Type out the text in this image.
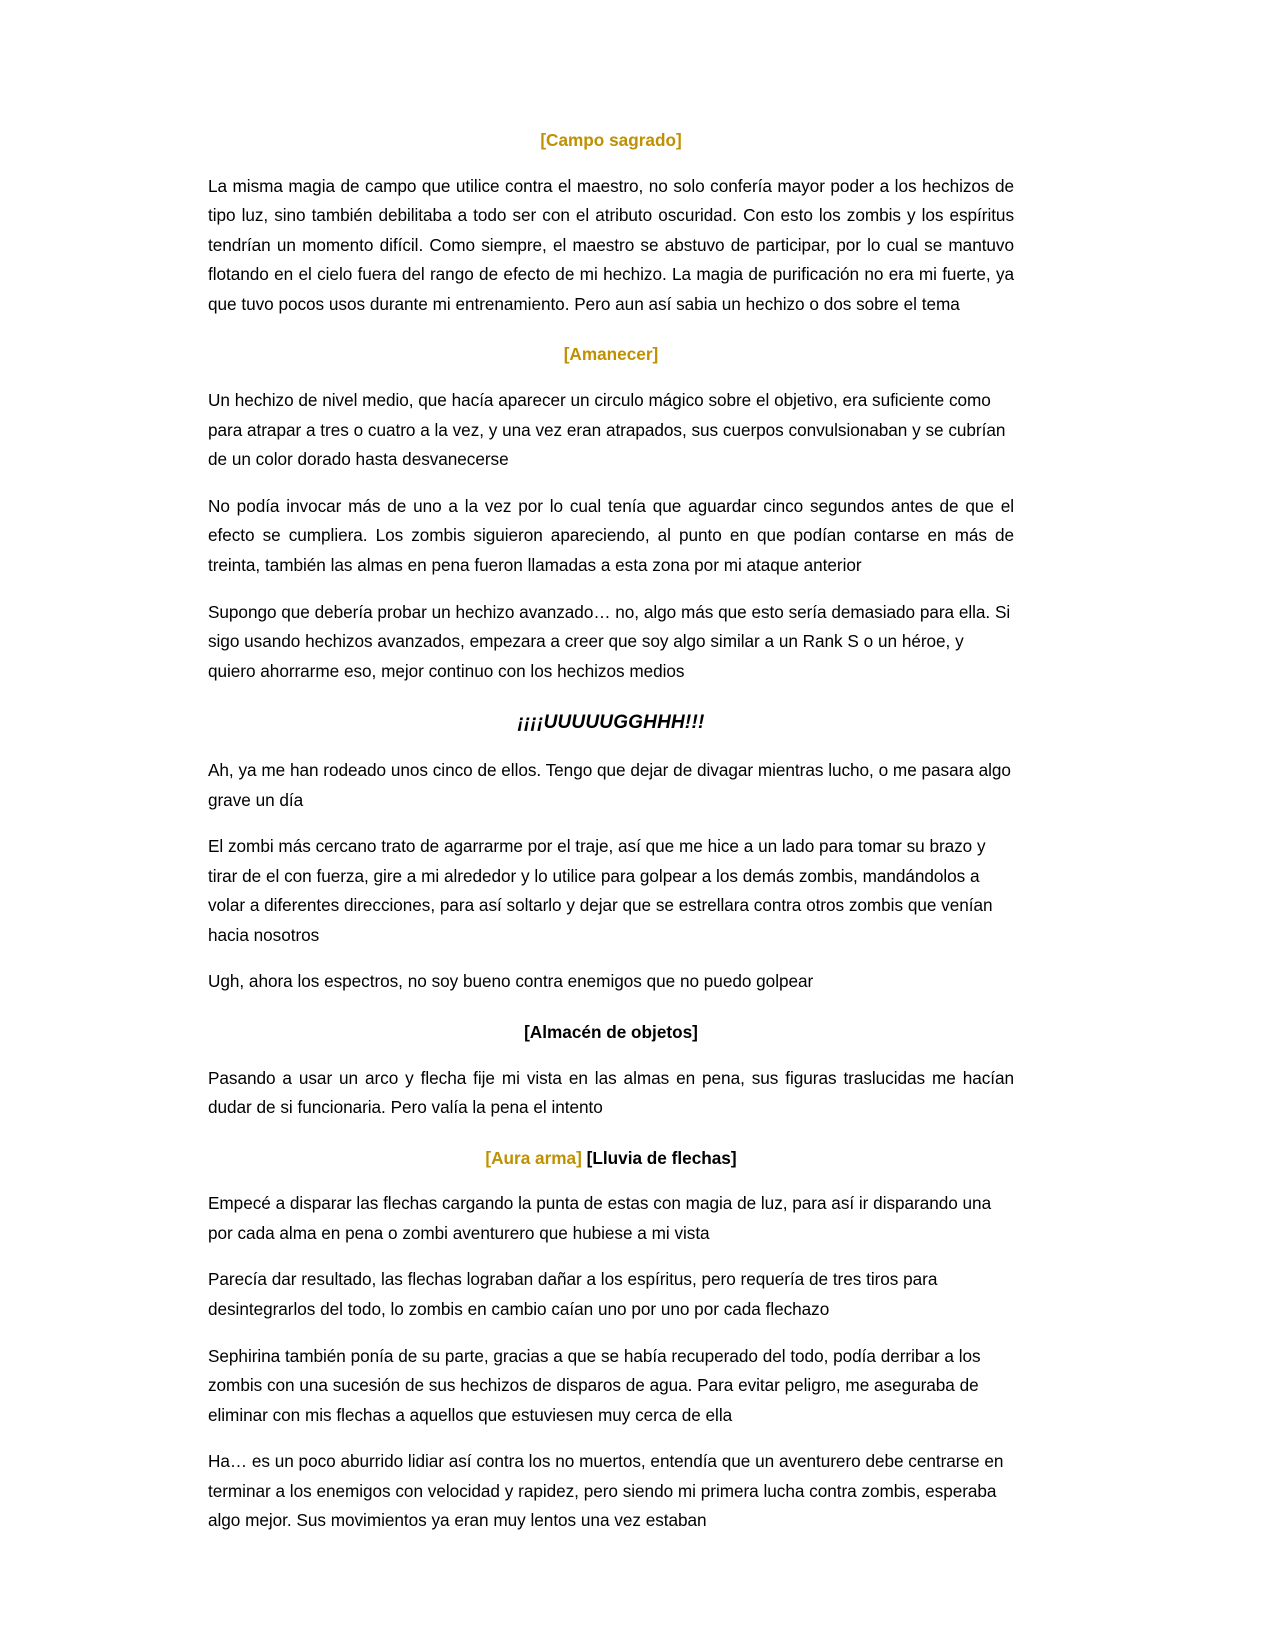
[Campo sagrado]

La misma magia de campo que utilice contra el maestro, no solo confería mayor poder a los hechizos de tipo luz, sino también debilitaba a todo ser con el atributo oscuridad. Con esto los zombis y los espíritus tendrían un momento difícil. Como siempre, el maestro se abstuvo de participar, por lo cual se mantuvo flotando en el cielo fuera del rango de efecto de mi hechizo. La magia de purificación no era mi fuerte, ya que tuvo pocos usos durante mi entrenamiento. Pero aun así sabia un hechizo o dos sobre el tema

[Amanecer]

Un hechizo de nivel medio, que hacía aparecer un circulo mágico sobre el objetivo, era suficiente como para atrapar a tres o cuatro a la vez, y una vez eran atrapados, sus cuerpos convulsionaban y se cubrían de un color dorado hasta desvanecerse

No podía invocar más de uno a la vez por lo cual tenía que aguardar cinco segundos antes de que el efecto se cumpliera. Los zombis siguieron apareciendo, al punto en que podían contarse en más de treinta, también las almas en pena fueron llamadas a esta zona por mi ataque anterior

Supongo que debería probar un hechizo avanzado… no, algo más que esto sería demasiado para ella. Si sigo usando hechizos avanzados, empezara a creer que soy algo similar a un Rank S o un héroe, y quiero ahorrarme eso, mejor continuo con los hechizos medios

¡¡¡¡UUUUUGGHHH!!!

Ah, ya me han rodeado unos cinco de ellos. Tengo que dejar de divagar mientras lucho, o me pasara algo grave un día

El zombi más cercano trato de agarrarme por el traje, así que me hice a un lado para tomar su brazo y tirar de el con fuerza, gire a mi alrededor y lo utilice para golpear a los demás zombis, mandándolos a volar a diferentes direcciones, para así soltarlo y dejar que se estrellara contra otros zombis que venían hacia nosotros

Ugh, ahora los espectros, no soy bueno contra enemigos que no puedo golpear

[Almacén de objetos]

Pasando a usar un arco y flecha fije mi vista en las almas en pena, sus figuras traslucidas me hacían dudar de si funcionaria. Pero valía la pena el intento

[Aura arma] [Lluvia de flechas]

Empecé a disparar las flechas cargando la punta de estas con magia de luz, para así ir disparando una por cada alma en pena o zombi aventurero que hubiese a mi vista

Parecía dar resultado, las flechas lograban dañar a los espíritus, pero requería de tres tiros para desintegrarlos del todo, lo zombis en cambio caían uno por uno por cada flechazo

Sephirina también ponía de su parte, gracias a que se había recuperado del todo, podía derribar a los zombis con una sucesión de sus hechizos de disparos de agua. Para evitar peligro, me aseguraba de eliminar con mis flechas a aquellos que estuviesen muy cerca de ella

Ha… es un poco aburrido lidiar así contra los no muertos, entendía que un aventurero debe centrarse en terminar a los enemigos con velocidad y rapidez, pero siendo mi primera lucha contra zombis, esperaba algo mejor. Sus movimientos ya eran muy lentos una vez estaban
